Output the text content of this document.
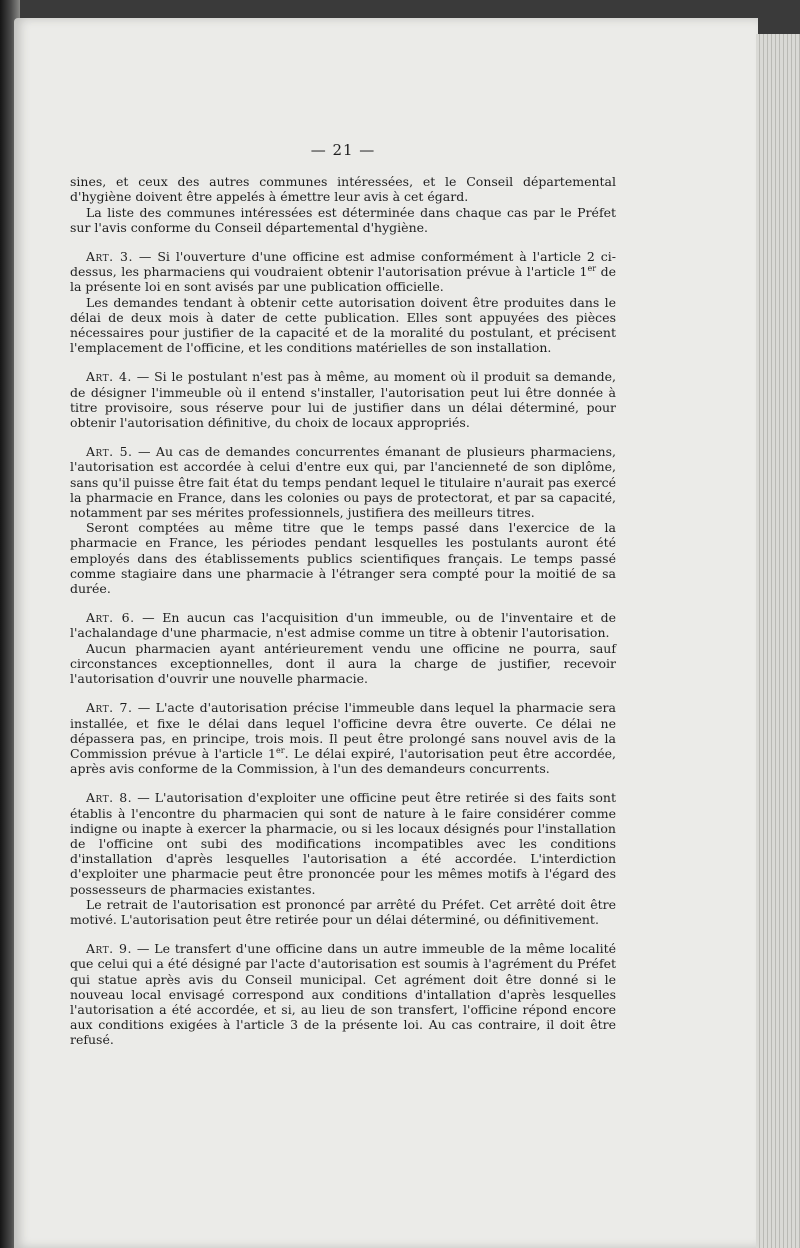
— 21 —

sines, et ceux des autres communes intéressées, et le Conseil départemental d'hygiène doivent être appelés à émettre leur avis à cet égard.

La liste des communes intéressées est déterminée dans chaque cas par le Préfet sur l'avis conforme du Conseil départemental d'hygiène.

Art. 3. — Si l'ouverture d'une officine est admise conformément à l'article 2 ci-dessus, les pharmaciens qui voudraient obtenir l'autorisation prévue à l'article 1er de la présente loi en sont avisés par une publication officielle.

Les demandes tendant à obtenir cette autorisation doivent être produites dans le délai de deux mois à dater de cette publication. Elles sont appuyées des pièces nécessaires pour justifier de la capacité et de la moralité du postulant, et précisent l'emplacement de l'officine, et les conditions matérielles de son installation.

Art. 4. — Si le postulant n'est pas à même, au moment où il produit sa demande, de désigner l'immeuble où il entend s'installer, l'autorisation peut lui être donnée à titre provisoire, sous réserve pour lui de justifier dans un délai déterminé, pour obtenir l'autorisation définitive, du choix de locaux appropriés.

Art. 5. — Au cas de demandes concurrentes émanant de plusieurs pharmaciens, l'autorisation est accordée à celui d'entre eux qui, par l'ancienneté de son diplôme, sans qu'il puisse être fait état du temps pendant lequel le titulaire n'aurait pas exercé la pharmacie en France, dans les colonies ou pays de protectorat, et par sa capacité, notamment par ses mérites professionnels, justifiera des meilleurs titres.

Seront comptées au même titre que le temps passé dans l'exercice de la pharmacie en France, les périodes pendant lesquelles les postulants auront été employés dans des établissements publics scientifiques français. Le temps passé comme stagiaire dans une pharmacie à l'étranger sera compté pour la moitié de sa durée.

Art. 6. — En aucun cas l'acquisition d'un immeuble, ou de l'inventaire et de l'achalandage d'une pharmacie, n'est admise comme un titre à obtenir l'autorisation.

Aucun pharmacien ayant antérieurement vendu une officine ne pourra, sauf circonstances exceptionnelles, dont il aura la charge de justifier, recevoir l'autorisation d'ouvrir une nouvelle pharmacie.

Art. 7. — L'acte d'autorisation précise l'immeuble dans lequel la pharmacie sera installée, et fixe le délai dans lequel l'officine devra être ouverte. Ce délai ne dépassera pas, en principe, trois mois. Il peut être prolongé sans nouvel avis de la Commission prévue à l'article 1er. Le délai expiré, l'autorisation peut être accordée, après avis conforme de la Commission, à l'un des demandeurs concurrents.

Art. 8. — L'autorisation d'exploiter une officine peut être retirée si des faits sont établis à l'encontre du pharmacien qui sont de nature à le faire considérer comme indigne ou inapte à exercer la pharmacie, ou si les locaux désignés pour l'installation de l'officine ont subi des modifications incompatibles avec les conditions d'installation d'après lesquelles l'autorisation a été accordée. L'interdiction d'exploiter une pharmacie peut être prononcée pour les mêmes motifs à l'égard des possesseurs de pharmacies existantes.

Le retrait de l'autorisation est prononcé par arrêté du Préfet. Cet arrêté doit être motivé. L'autorisation peut être retirée pour un délai déterminé, ou définitivement.

Art. 9. — Le transfert d'une officine dans un autre immeuble de la même localité que celui qui a été désigné par l'acte d'autorisation est soumis à l'agrément du Préfet qui statue après avis du Conseil municipal. Cet agrément doit être donné si le nouveau local envisagé correspond aux conditions d'intallation d'après lesquelles l'autorisation a été accordée, et si, au lieu de son transfert, l'officine répond encore aux conditions exigées à l'article 3 de la présente loi. Au cas contraire, il doit être refusé.
